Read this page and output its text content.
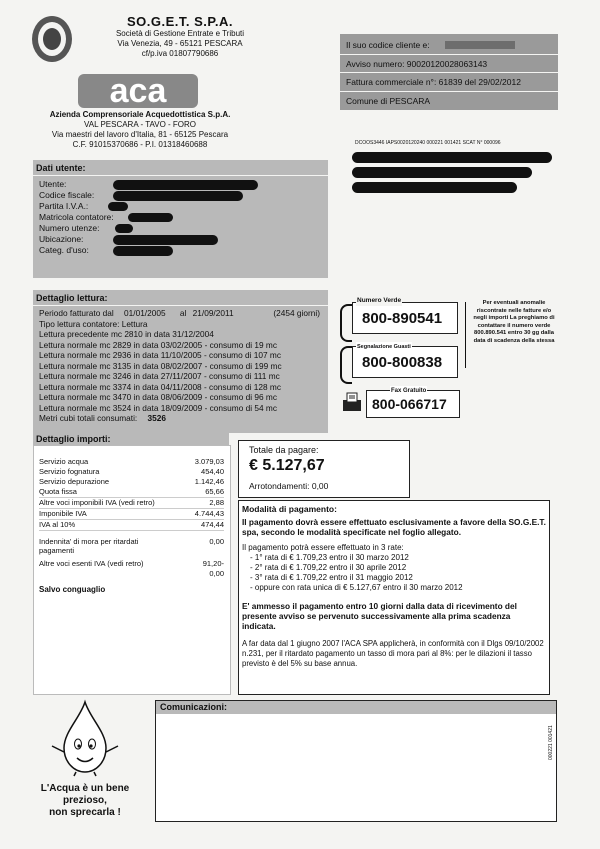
SO.G.E.T. S.P.A.
Società di Gestione Entrate e Tributi
Via Venezia, 49 - 65121 PESCARA
cf/p.iva 01807790686
aca
Azienda Comprensoriale Acquedottistica S.p.A.
VAL PESCARA - TAVO - FORO
Via maestri del lavoro d'Italia, 81 - 65125 Pescara
C.F. 91015370686 - P.I. 01318460688
Il suo codice cliente e:
Avviso numero: 900201200280631​43
Fattura commerciale n°: 61839 del 29/02/2012
Comune di PESCARA
DCOOS3446 IAPS0020120240 000221 001421 SCAT N° 000096
Dati utente:
Utente:
Codice fiscale:
Partita I.V.A.:
Matricola contatore:
Numero utenze:
Ubicazione:
Categ. d'uso:
Dettaglio lettura:
Periodo fatturato dal 01/01/2005 al 21/09/2011	(2454 giorni)
Tipo lettura contatore: Lettura
Lettura precedente mc 2810 in data 31/12/2004
Lettura normale mc 2829 in data 03/02/2005 - consumo di 19 mc
Lettura normale mc 2936 in data 11/10/2005 - consumo di 107 mc
Lettura normale mc 3135 in data 08/02/2007 - consumo di 199 mc
Lettura normale mc 3246 in data 27/11/2007 - consumo di 111 mc
Lettura normale mc 3374 in data 04/11/2008 - consumo di 128 mc
Lettura normale mc 3470 in data 08/06/2009 - consumo di 96 mc
Lettura normale mc 3524 in data 18/09/2009 - consumo di 54 mc
Metri cubi totali consumati: 3526
Numero Verde
800-890541
Segnalazione Guasti
800-800838
Fax Gratuito
800-066717
Per eventuali anomalie riscontrate nelle fatture e/o negli importi La preghiamo di contattare il numero verde 800.890.541 entro 30 gg dalla data di scadenza della stessa
Dettaglio importi:
Servizio acqua	3.079,03
Servizio fognatura	454,40
Servizio depurazione	1.142,46
Quota fissa	65,66
Altre voci imponibili IVA (vedi retro)	2,88
Imponibile IVA	4.744,43
IVA al 10%	474,44
Indennita' di mora per ritardati pagamenti
0,00
Altre voci esenti IVA (vedi retro)	91,20-
0,00
Salvo conguaglio
Totale da pagare:
€ 5.127,67
Arrotondamenti: 0,00
Modalità di pagamento:
Il pagamento dovrà essere effettuato esclusivamente a favore della SO.G.E.T. spa, secondo le modalità specificate nel foglio allegato.
Il pagamento potrà essere effettuato in 3 rate:
- 1° rata di € 1.709,23 entro il 30 marzo 2012
- 2° rata di € 1.709,22 entro il 30 aprile 2012
- 3° rata di € 1.709,22 entro il 31 maggio 2012
- oppure con rata unica di € 5.127,67 entro il 30 marzo 2012
E' ammesso il pagamento entro 10 giorni dalla data di ricevimento del presente avviso se pervenuto successivamente alla prima scadenza indicata.
A far data dal 1 giugno 2007 l'ACA SPA applicherà, in conformità con il Dlgs 09/10/2002 n.231, per il ritardato pagamento un tasso di mora pari al 8%: per le dilazioni il tasso previsto è del 5% su base annua.
Comunicazioni:
L'Acqua è un bene
prezioso,
non sprecarla !
000221 001421
